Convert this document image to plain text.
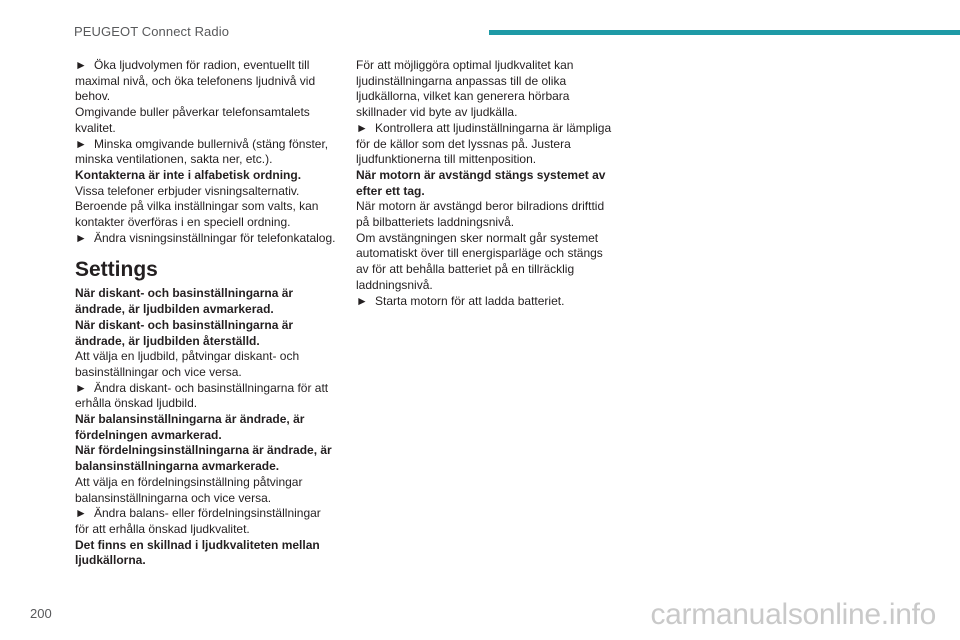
PEUGEOT Connect Radio

► Öka ljudvolymen för radion, eventuellt till maximal nivå, och öka telefonens ljudnivå vid behov.

Omgivande buller påverkar telefonsamtalets kvalitet.

► Minska omgivande bullernivå (stäng fönster, minska ventilationen, sakta ner, etc.).

Kontakterna är inte i alfabetisk ordning.

Vissa telefoner erbjuder visningsalternativ. Beroende på vilka inställningar som valts, kan kontakter överföras i en speciell ordning.

► Ändra visningsinställningar för telefonkatalog.

Settings

När diskant- och basinställningarna är ändrade, är ljudbilden avmarkerad.

När diskant- och basinställningarna är ändrade, är ljudbilden återställd.

Att välja en ljudbild, påtvingar diskant- och basinställningar och vice versa.

► Ändra diskant- och basinställningarna för att erhålla önskad ljudbild.

När balansinställningarna är ändrade, är fördelningen avmarkerad.

När fördelningsinställningarna är ändrade, är balansinställningarna avmarkerade.

Att välja en fördelningsinställning påtvingar balansinställningarna och vice versa.

► Ändra balans- eller fördelningsinställningar för att erhålla önskad ljudkvalitet.

Det finns en skillnad i ljudkvaliteten mellan ljudkällorna.

För att möjliggöra optimal ljudkvalitet kan ljudinställningarna anpassas till de olika ljudkällorna, vilket kan generera hörbara skillnader vid byte av ljudkälla.

► Kontrollera att ljudinställningarna är lämpliga för de källor som det lyssnas på. Justera ljudfunktionerna till mittenposition.

När motorn är avstängd stängs systemet av efter ett tag.

När motorn är avstängd beror bilradions drifttid på bilbatteriets laddningsnivå.

Om avstängningen sker normalt går systemet automatiskt över till energisparläge och stängs av för att behålla batteriet på en tillräcklig laddningsnivå.

► Starta motorn för att ladda batteriet.

200	carmanualsonline.info
